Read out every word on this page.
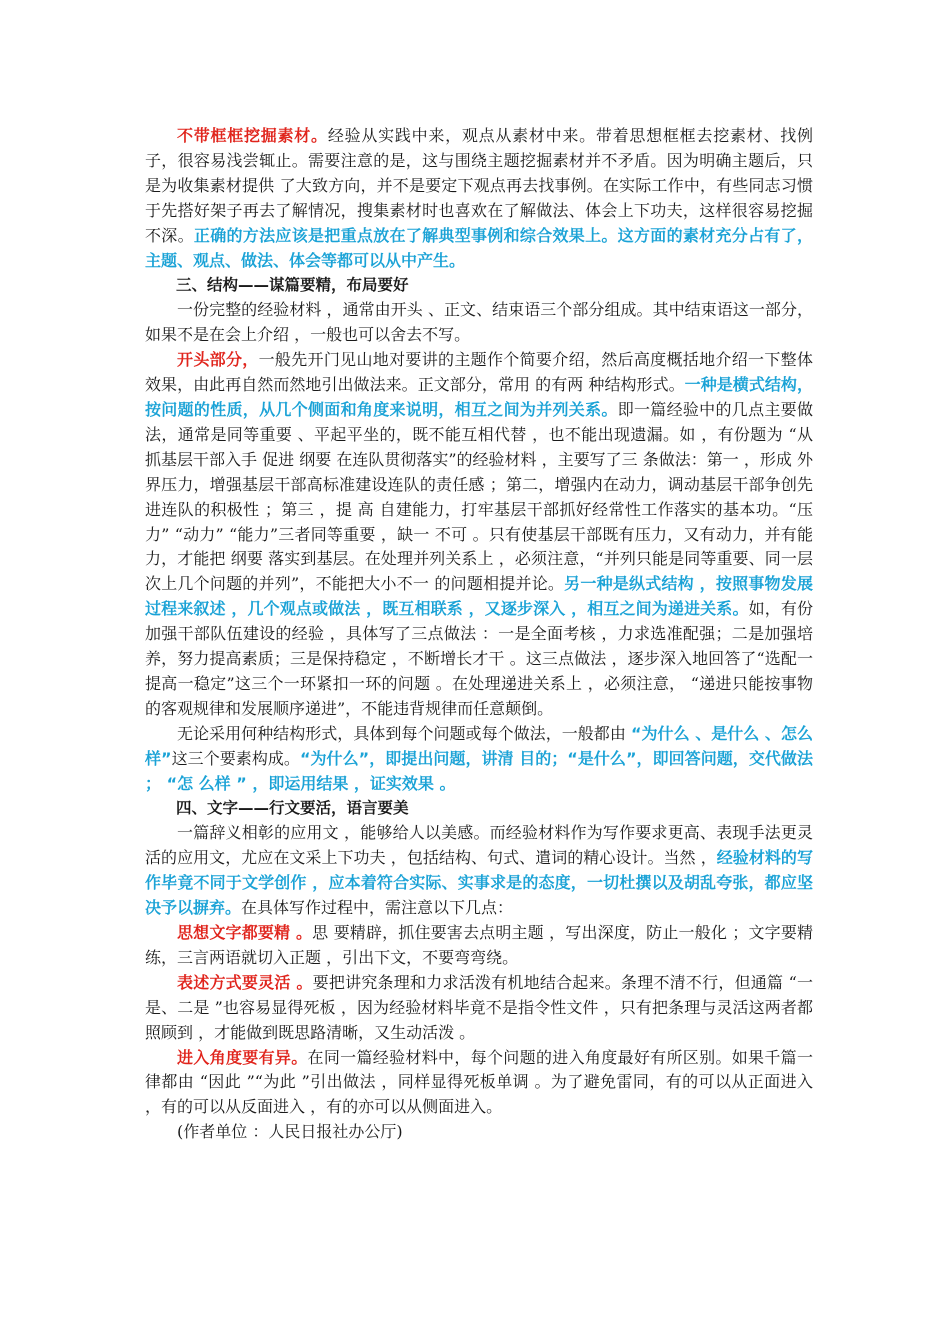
不带框框挖掘素材。经验从实践中来，观点从素材中来。带着思想框框去挖素材、找例子，很容易浅尝辄止。需要注意的是，这与围绕主题挖掘素材并不矛盾。因为明确主题后，只是为收集素材提供 了大致方向，并不是要定下观点再去找事例。在实际工作中，有些同志习惯于先搭好架子再去了解情况，搜集素材时也喜欢在了解做法、体会上下功夫，这样很容易挖掘不深。正确的方法应该是把重点放在了解典型事例和综合效果上。这方面的素材充分占有了，主题、观点、做法、体会等都可以从中产生。

三、结构——谋篇要精，布局要好

一份完整的经验材料 ，通常由开头 、正文、结束语三个部分组成。其中结束语这一部分，如果不是在会上介绍 ，一般也可以舍去不写。

开头部分，一般先开门见山地对要讲的主题作个简要介绍，然后高度概括地介绍一下整体效果，由此再自然而然地引出做法来。正文部分，常用 的有两 种结构形式。一种是横式结构，按问题的性质，从几个侧面和角度来说明，相互之间为并列关系。即一篇经验中的几点主要做法，通常是同等重要 、平起平坐的，既不能互相代替 ，也不能出现遗漏。如 ，有份题为 “从抓基层干部入手 促进 纲要 在连队贯彻落实”的经验材料 ，主要写了三 条做法：第一 ，形成 外界压力，增强基层干部高标准建设连队的责任感 ；第二，增强内在动力，调动基层干部争创先进连队的积极性 ；第三 ，提 高 自建能力，打牢基层干部抓好经常性工作落实的基本功。“压力” “动力” “能力”三者同等重要 ，缺一 不可 。只有使基层干部既有压力，又有动力，并有能力，才能把 纲要 落实到基层。在处理并列关系上 ，必须注意，“并列只能是同等重要、同一层次上几个问题的并列”，不能把大小不一 的问题相提并论。另一种是纵式结构 ，按照事物发展过程来叙述 ，几个观点或做法 ，既互相联系 ，又逐步深入 ，相互之间为递进关系。如，有份加强干部队伍建设的经验 ，具体写了三点做法 ：一是全面考核 ，力求选准配强；二是加强培养，努力提高素质；三是保持稳定 ，不断增长才干 。这三点做法 ，逐步深入地回答了“选配一提高一稳定”这三个一环紧扣一环的问题 。在处理递进关系上 ，必须注意， “递进只能按事物的客观规律和发展顺序递进”，不能违背规律而任意颠倒。

无论采用何种结构形式，具体到每个问题或每个做法，一般都由 “为什么 、是什么 、怎么样”这三个要素构成。“为什么”，即提出问题，讲清 目的；“是什么”，即回答问题，交代做法 ； “怎 么样 ” ，即运用结果 ，证实效果 。

四、文字——行文要活，语言要美

一篇辞义相彰的应用文 ，能够给人以美感。而经验材料作为写作要求更高、表现手法更灵活的应用文，尤应在文采上下功夫 ，包括结构、句式、遣词的精心设计。当然 ，经验材料的写作毕竟不同于文学创作 ，应本着符合实际、实事求是的态度，一切杜撰以及胡乱夸张，都应坚决予以摒弃。在具体写作过程中，需注意以下几点：

思想文字都要精 。思 要精辟，抓住要害去点明主题 ，写出深度，防止一般化 ；文字要精练，三言两语就切入正题 ，引出下文，不要弯弯绕。

表述方式要灵活 。要把讲究条理和力求活泼有机地结合起来。条理不清不行，但通篇 “一是、二是 ”也容易显得死板 ，因为经验材料毕竟不是指令性文件 ，只有把条理与灵活这两者都照顾到 ，才能做到既思路清晰，又生动活泼 。

进入角度要有异。在同一篇经验材料中，每个问题的进入角度最好有所区别。如果千篇一律都由 “因此 ”“为此 ”引出做法 ，同样显得死板单调 。为了避免雷同，有的可以从正面进入 ，有的可以从反面进入 ，有的亦可以从侧面进入。

(作者单位 ：人民日报社办公厅)
